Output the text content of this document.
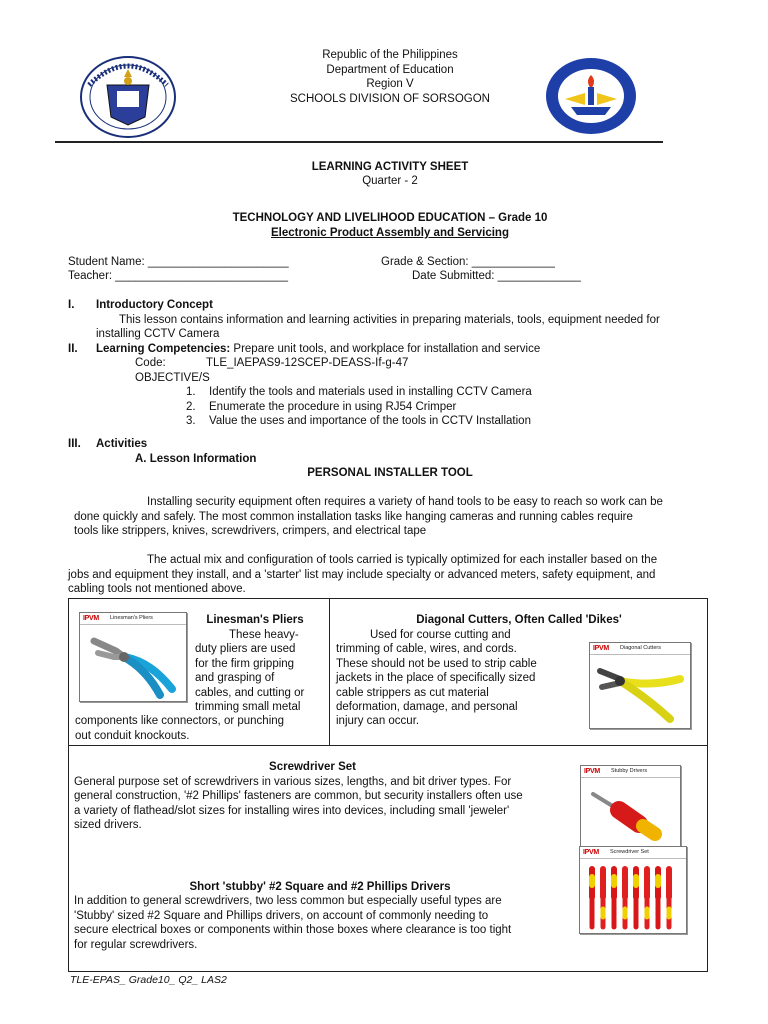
Republic of the Philippines
Department of Education
Region V
SCHOOLS DIVISION OF SORSOGON
LEARNING ACTIVITY SHEET
Quarter - 2
TECHNOLOGY AND LIVELIHOOD EDUCATION – Grade 10
Electronic Product Assembly and Servicing
Student Name: ______________________	Grade & Section: _____________
Teacher: ___________________________	Date Submitted: _____________
I. Introductory Concept
This lesson contains information and learning activities in preparing materials, tools, equipment needed for
installing CCTV Camera
II. Learning Competencies: Prepare unit tools, and workplace for installation and service
Code:	TLE_IAEPAS9-12SCEP-DEASS-If-g-47
OBJECTIVE/S
1. Identify the tools and materials used in installing CCTV Camera
2. Enumerate the procedure in using RJ54 Crimper
3. Value the uses and importance of the tools in CCTV Installation
III. Activities
A. Lesson Information
PERSONAL INSTALLER TOOL
Installing security equipment often requires a variety of hand tools to be easy to reach so work can be
done quickly and safely. The most common installation tasks like hanging cameras and running cables require
tools like strippers, knives, screwdrivers, crimpers, and electrical tape
The actual mix and configuration of tools carried is typically optimized for each installer based on the
jobs and equipment they install, and a 'starter' list may include specialty or advanced meters, safety equipment, and
cabling tools not mentioned above.
IPVM Linesman's Pliers	Linesman's Pliers
These heavy-
duty pliers are used
for the firm gripping
and grasping of
cables, and cutting or
trimming small metal
components like connectors, or punching
out conduit knockouts.
Diagonal Cutters, Often Called 'Dikes'
Used for course cutting and
trimming of cable, wires, and cords.
These should not be used to strip cable
jackets in the place of specifically sized
cable strippers as cut material
deformation, damage, and personal
injury can occur.
IPVM Diagonal Cutters
Screwdriver Set
General purpose set of screwdrivers in various sizes, lengths, and bit driver types. For
general construction, '#2 Phillips' fasteners are common, but security installers often use
a variety of flathead/slot sizes for installing wires into devices, including small 'jeweler'
sized drivers.
IPVM Stubby Drivers
IPVM Screwdriver Set
Short 'stubby' #2 Square and #2 Phillips Drivers
In addition to general screwdrivers, two less common but especially useful types are
'Stubby' sized #2 Square and Phillips drivers, on account of commonly needing to
secure electrical boxes or components within those boxes where clearance is too tight
for regular screwdrivers.
TLE-EPAS_ Grade10_ Q2_ LAS2
